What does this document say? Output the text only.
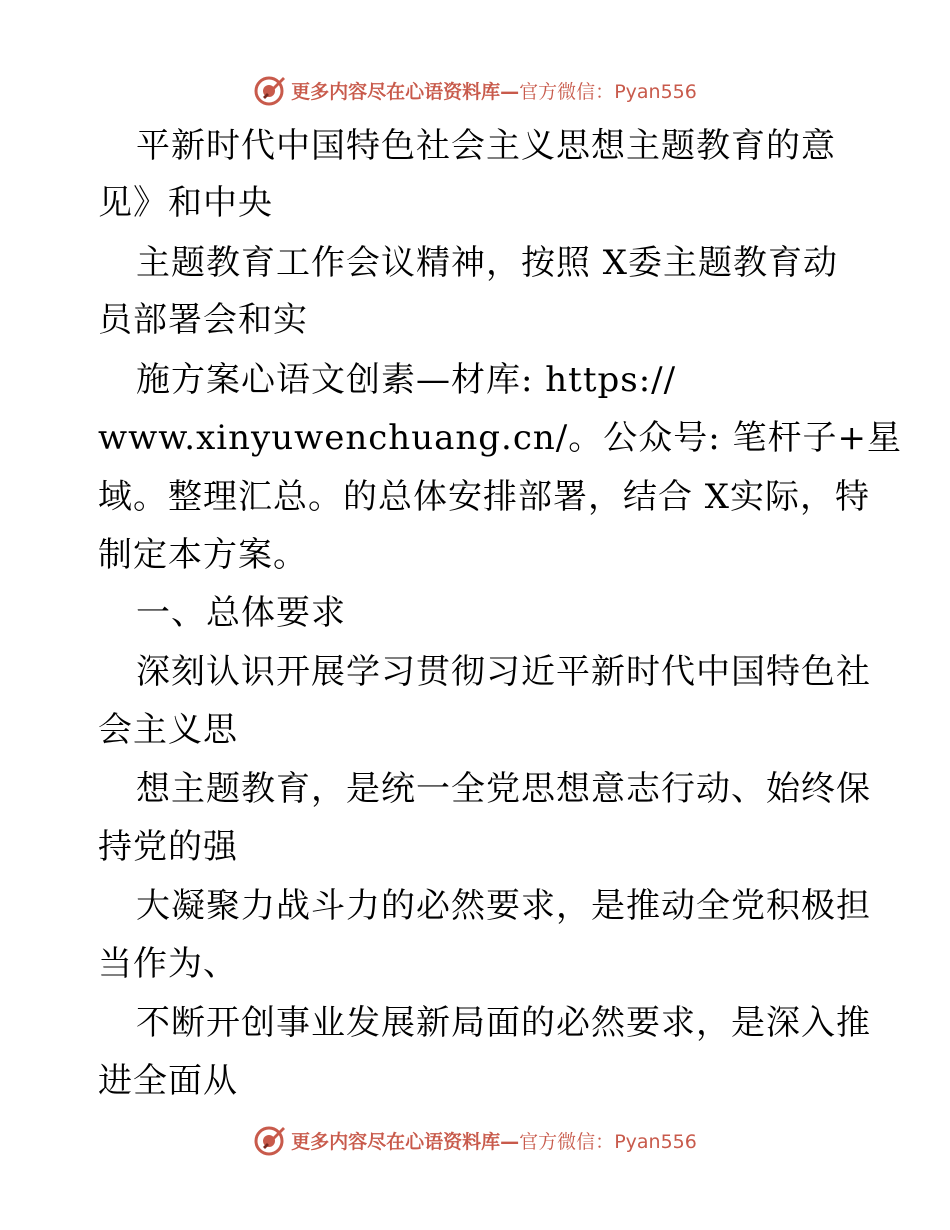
更多内容尽在心语资料库—官方微信：Pyan556
平新时代中国特色社会主义思想主题教育的意
见》和中央
主题教育工作会议精神，按照 X委主题教育动
员部署会和实
施方案心语文创素—材库: https://
www.xinyuwenchuang.cn/。公众号: 笔杆子+星
域。整理汇总。的总体安排部署，结合 X实际，特
制定本方案。
一、总体要求
深刻认识开展学习贯彻习近平新时代中国特色社
会主义思
想主题教育，是统一全党思想意志行动、始终保
持党的强
大凝聚力战斗力的必然要求，是推动全党积极担
当作为、
不断开创事业发展新局面的必然要求，是深入推
进全面从
更多内容尽在心语资料库—官方微信：Pyan556
